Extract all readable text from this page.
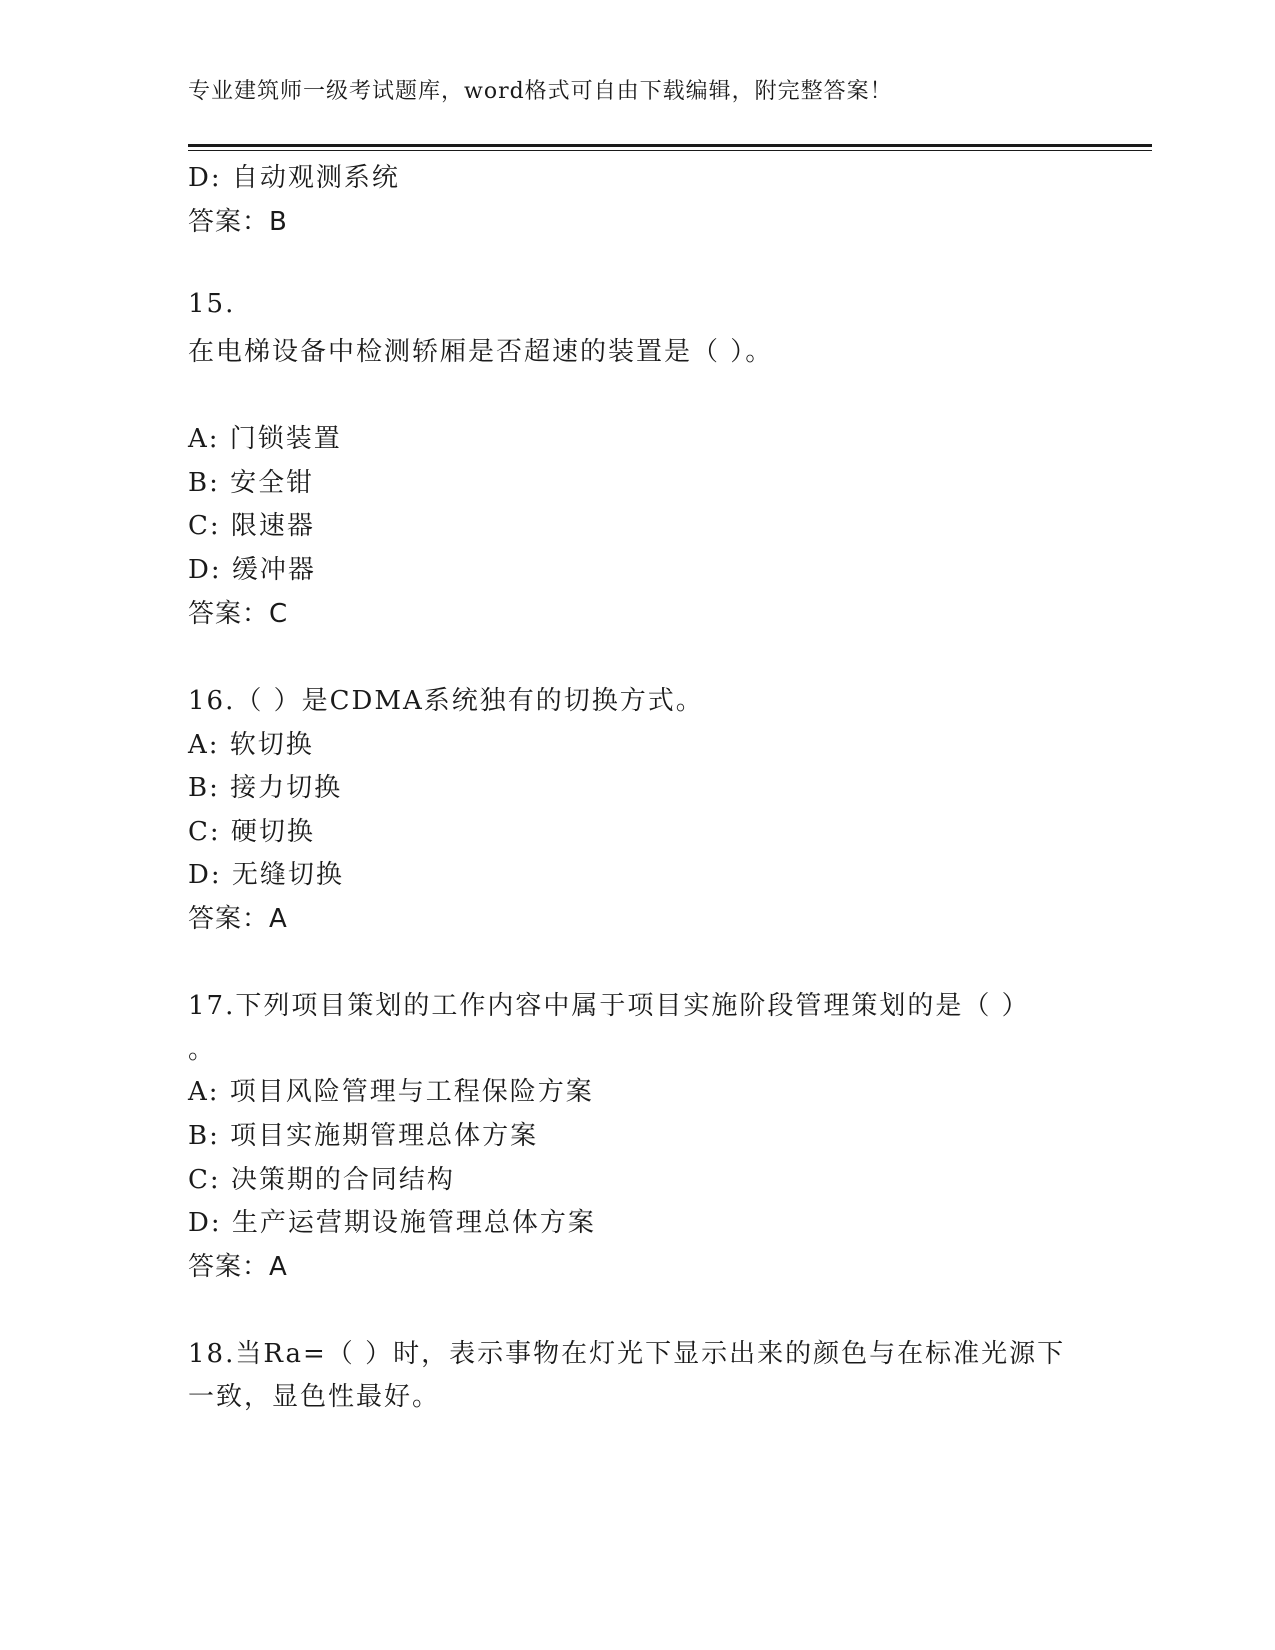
专业建筑师一级考试题库，word格式可自由下载编辑，附完整答案！
D: 自动观测系统
答案：B
15.
在电梯设备中检测轿厢是否超速的装置是（ ）。
A: 门锁装置
B: 安全钳
C: 限速器
D: 缓冲器
答案：C
16.（ ）是CDMA系统独有的切换方式。
A: 软切换
B: 接力切换
C: 硬切换
D: 无缝切换
答案：A
17.下列项目策划的工作内容中属于项目实施阶段管理策划的是（ ）
。
A: 项目风险管理与工程保险方案
B: 项目实施期管理总体方案
C: 决策期的合同结构
D: 生产运营期设施管理总体方案
答案：A
18.当Ra=（ ）时，表示事物在灯光下显示出来的颜色与在标准光源下
一致，显色性最好。
